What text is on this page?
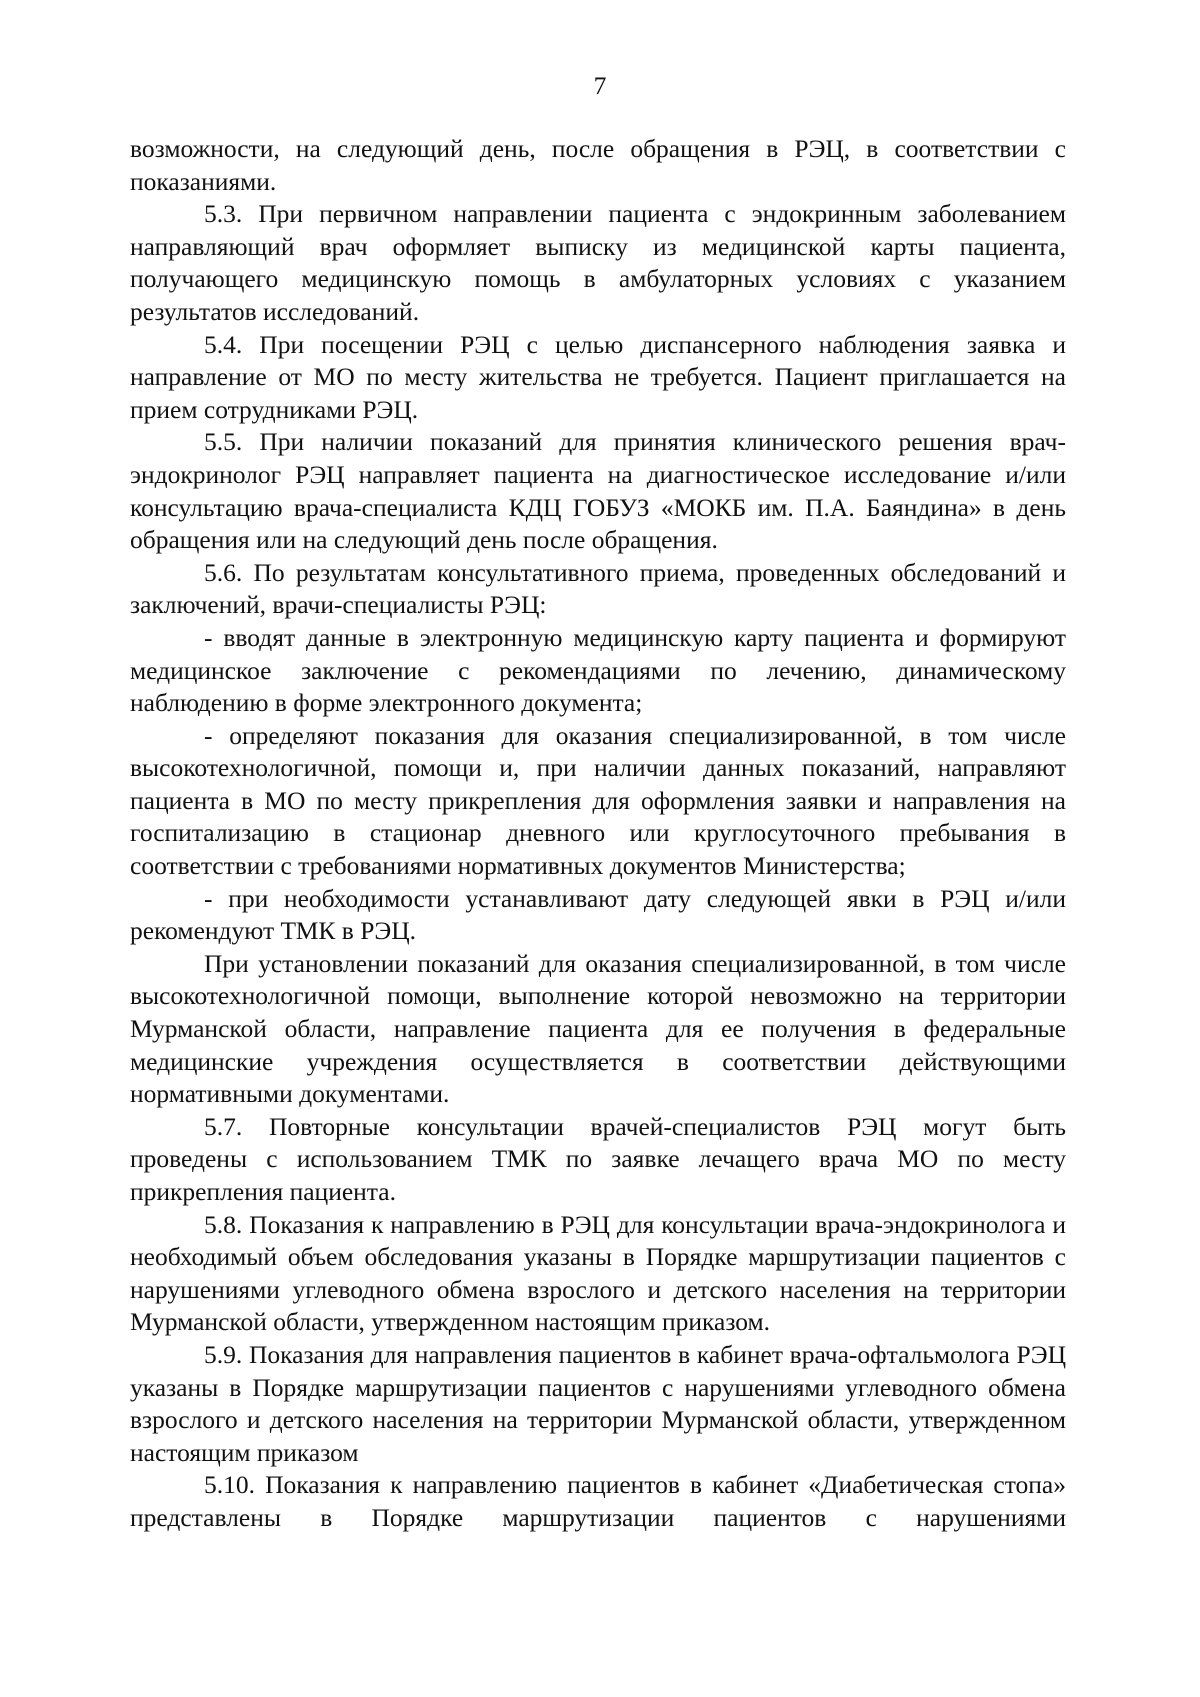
7

возможности, на следующий день, после обращения в РЭЦ, в соответствии с показаниями.

5.3. При первичном направлении пациента с эндокринным заболеванием направляющий врач оформляет выписку из медицинской карты пациента, получающего медицинскую помощь в амбулаторных условиях с указанием результатов исследований.

5.4. При посещении РЭЦ с целью диспансерного наблюдения заявка и направление от МО по месту жительства не требуется. Пациент приглашается на прием сотрудниками РЭЦ.

5.5. При наличии показаний для принятия клинического решения врач-эндокринолог РЭЦ направляет пациента на диагностическое исследование и/или консультацию врача-специалиста КДЦ ГОБУЗ «МОКБ им. П.А. Баяндина» в день обращения или на следующий день после обращения.

5.6. По результатам консультативного приема, проведенных обследований и заключений, врачи-специалисты РЭЦ:

- вводят данные в электронную медицинскую карту пациента и формируют медицинское заключение с рекомендациями по лечению, динамическому наблюдению в форме электронного документа;

- определяют показания для оказания специализированной, в том числе высокотехнологичной, помощи и, при наличии данных показаний, направляют пациента в МО по месту прикрепления для оформления заявки и направления на госпитализацию в стационар дневного или круглосуточного пребывания в соответствии с требованиями нормативных документов Министерства;

- при необходимости устанавливают дату следующей явки в РЭЦ и/или рекомендуют ТМК в РЭЦ.

При установлении показаний для оказания специализированной, в том числе высокотехнологичной помощи, выполнение которой невозможно на территории Мурманской области, направление пациента для ее получения в федеральные медицинские учреждения осуществляется в соответствии действующими нормативными документами.

5.7. Повторные консультации врачей-специалистов РЭЦ могут быть проведены с использованием ТМК по заявке лечащего врача МО по месту прикрепления пациента.

5.8. Показания к направлению в РЭЦ для консультации врача-эндокринолога и необходимый объем обследования указаны в Порядке маршрутизации пациентов с нарушениями углеводного обмена взрослого и детского населения на территории Мурманской области, утвержденном настоящим приказом.

5.9. Показания для направления пациентов в кабинет врача-офтальмолога РЭЦ указаны в Порядке маршрутизации пациентов с нарушениями углеводного обмена взрослого и детского населения на территории Мурманской области, утвержденном настоящим приказом

5.10. Показания к направлению пациентов в кабинет «Диабетическая стопа» представлены в Порядке маршрутизации пациентов с нарушениями
